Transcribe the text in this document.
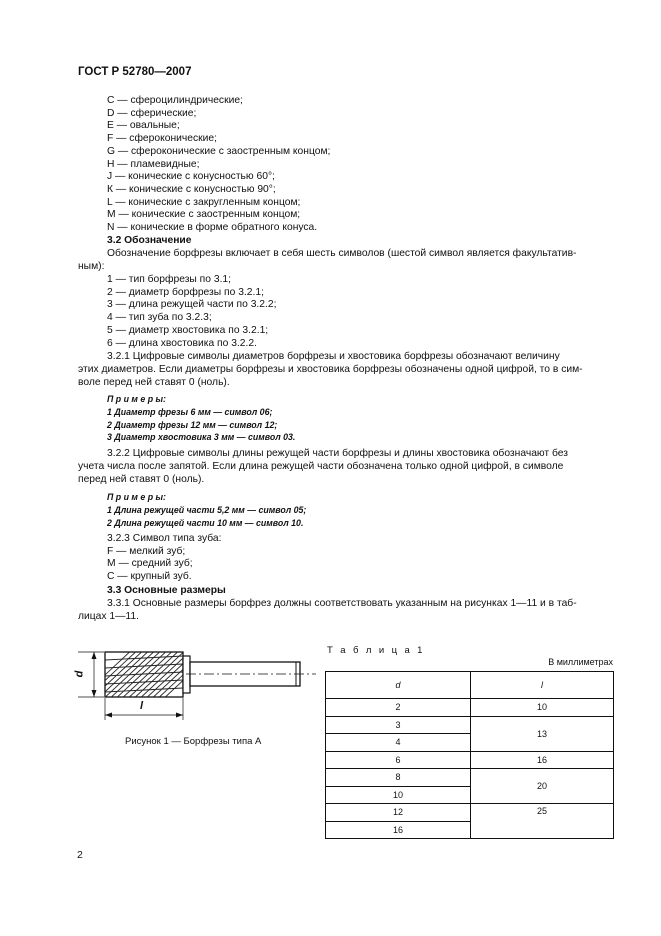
ГОСТ Р 52780—2007
С — сфероцилиндрические;
D — сферические;
Е — овальные;
F — сфероконические;
G — сфероконические с заостренным концом;
Н — пламевидные;
J — конические с конусностью 60°;
К — конические с конусностью 90°;
L — конические с закругленным концом;
М — конические с заостренным концом;
N — конические в форме обратного конуса.
3.2 Обозначение
Обозначение борфрезы включает в себя шесть символов (шестой символ является факультатив-
ным):
1 — тип борфрезы по 3.1;
2 — диаметр борфрезы по 3.2.1;
3 — длина режущей части по 3.2.2;
4 — тип зуба по 3.2.3;
5 — диаметр хвостовика по 3.2.1;
6 — длина хвостовика по 3.2.2.
3.2.1 Цифровые символы диаметров борфрезы и хвостовика борфрезы обозначают величину
этих диаметров. Если диаметры борфрезы и хвостовика борфрезы обозначены одной цифрой, то в сим-
воле перед ней ставят 0 (ноль).
П р и м е р ы:
1 Диаметр фрезы 6 мм — символ 06;
2 Диаметр фрезы 12 мм — символ 12;
3 Диаметр хвостовика 3 мм — символ 03.
3.2.2 Цифровые символы длины режущей части борфрезы и длины хвостовика обозначают без
учета числа после запятой. Если длина режущей части обозначена только одной цифрой, в символе
перед ней ставят 0 (ноль).
П р и м е р ы:
1 Длина режущей части 5,2 мм — символ 05;
2 Длина режущей части 10 мм — символ 10.
3.2.3 Символ типа зуба:
F — мелкий зуб;
М — средний зуб;
С — крупный зуб.
3.3 Основные размеры
3.3.1 Основные размеры борфрез должны соответствовать указанным на рисунках 1—11 и в таб-
лицах 1—11.
d
l
Рисунок 1 — Борфрезы типа А
Т а б л и ц а 1
В миллиметрах
d	l
2	10
3	13
4	
6	16
8	20
10	
12	25
16	
2
